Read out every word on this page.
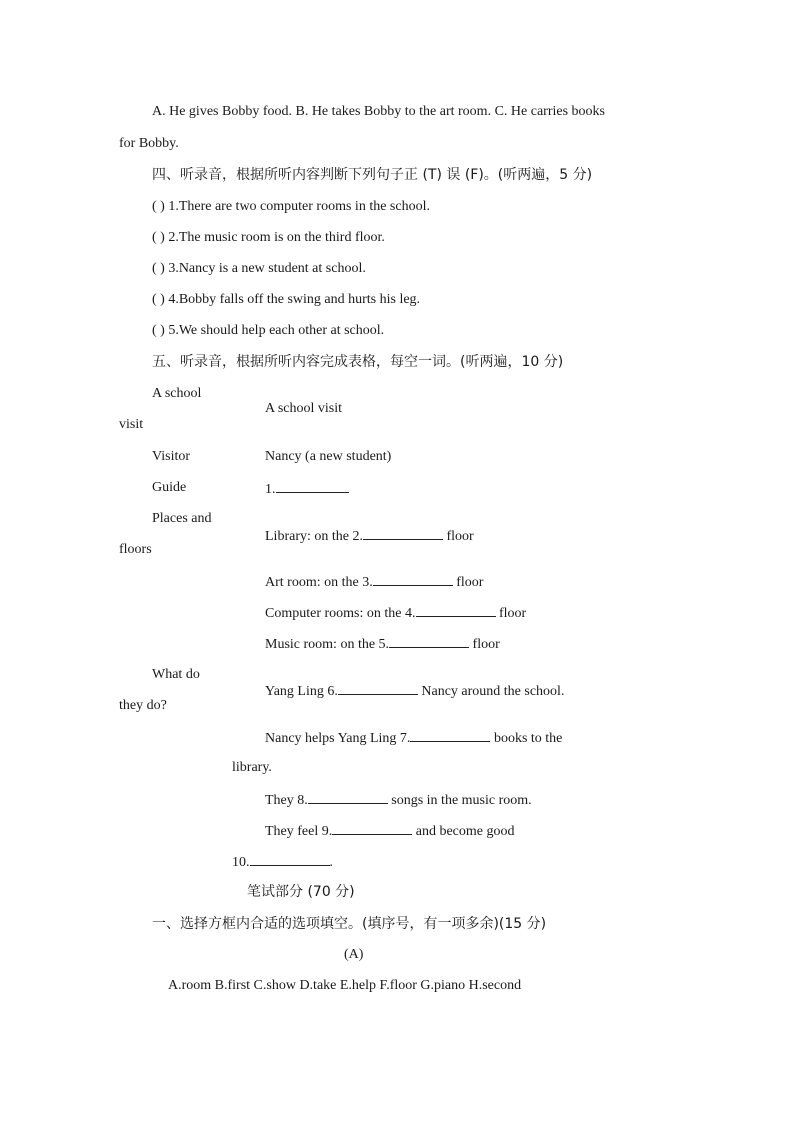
A. He gives Bobby food. B. He takes Bobby to the art room. C. He carries books
for Bobby.
四、听录音，根据所听内容判断下列句子正 (T) 误 (F)。(听两遍，5 分)
( ) 1.There are two computer rooms in the school.
( ) 2.The music room is on the third floor.
( ) 3.Nancy is a new student at school.
( ) 4.Bobby falls off the swing and hurts his leg.
( ) 5.We should help each other at school.
五、听录音，根据所听内容完成表格，每空一词。(听两遍，10 分)
A school
visit
A school visit
Visitor	Nancy (a new student)
Guide	1.
Places and
floors
Library: on the 2.	floor
Art room: on the 3.	floor
Computer rooms: on the 4.	floor
Music room: on the 5.	floor
What do
they do?
Yang Ling 6.	Nancy around the school.
Nancy helps Yang Ling 7.	books to the
library.
They 8.	songs in the music room.
They feel 9.	and become good
10.	.
笔试部分 (70 分)
一、选择方框内合适的选项填空。(填序号，有一项多余)(15 分)
(A)
A.room B.first C.show D.take E.help F.floor G.piano H.second
